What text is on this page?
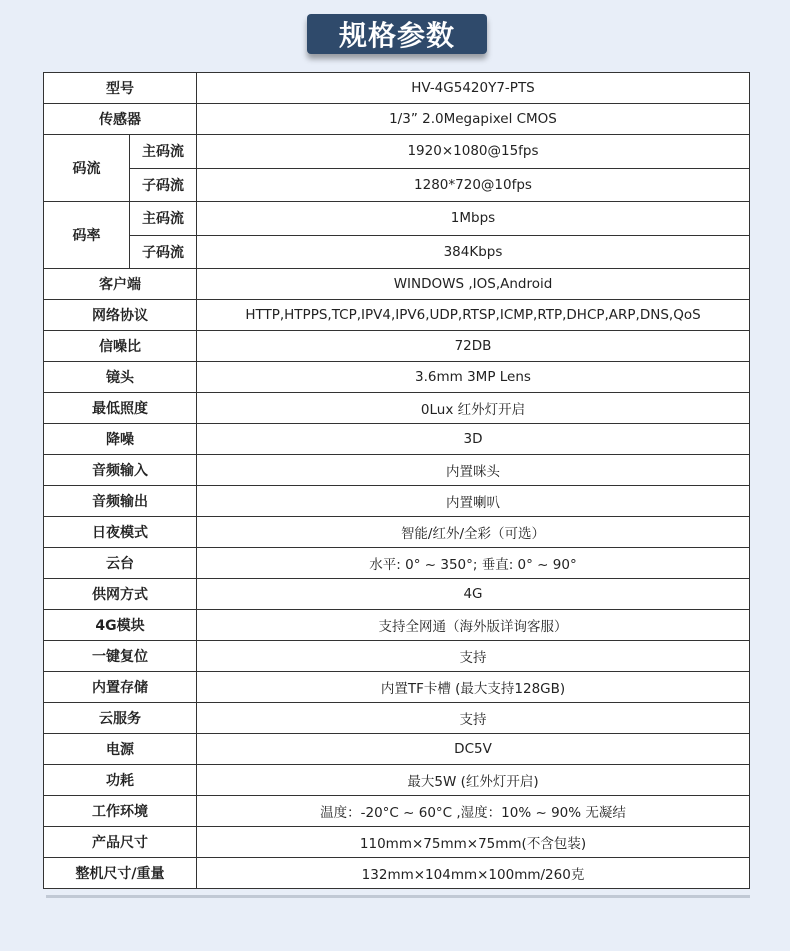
规格参数
型号		HV-4G5420Y7-PTS
传感器		1/3” 2.0Megapixel CMOS
码流	主码流	1920×1080@15fps
	子码流	1280*720@10fps
码率	主码流	1Mbps
	子码流	384Kbps
客户端		WINDOWS ,IOS,Android
网络协议		HTTP,HTPPS,TCP,IPV4,IPV6,UDP,RTSP,ICMP,RTP,DHCP,ARP,DNS,QoS
信噪比		72DB
镜头		3.6mm 3MP Lens
最低照度		0Lux 红外灯开启
降噪		3D
音频输入		内置咪头
音频输出		内置喇叭
日夜模式		智能/红外/全彩（可选）
云台		水平: 0° ~ 350°; 垂直: 0° ~ 90°
供网方式		4G
4G模块		支持全网通（海外版详询客服）
一键复位		支持
内置存储		内置TF卡槽 (最大支持128GB)
云服务		支持
电源		DC5V
功耗		最大5W (红外灯开启)
工作环境		温度：-20°C ~ 60°C ,湿度：10% ~ 90% 无凝结
产品尺寸		110mm×75mm×75mm(不含包装)
整机尺寸/重量		132mm×104mm×100mm/260克
